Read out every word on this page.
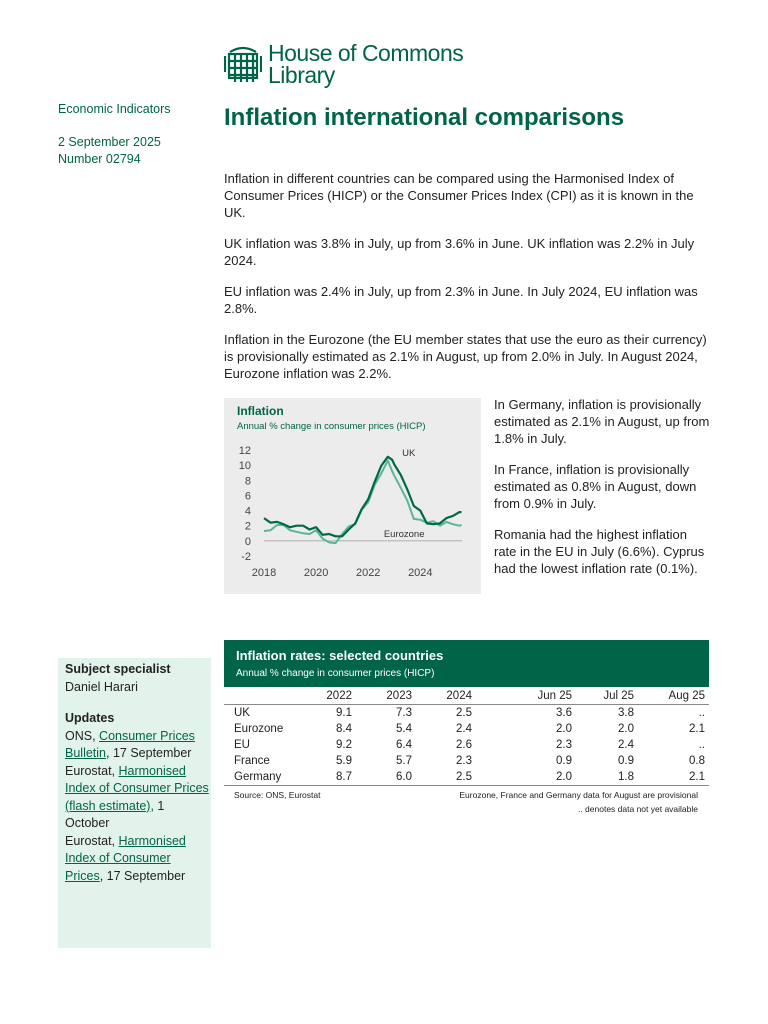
House of Commons
Library
Economic Indicators
2 September 2025
Number 02794
Inflation international comparisons

Inflation in different countries can be compared using the Harmonised Index of Consumer Prices (HICP) or the Consumer Prices Index (CPI) as it is known in the UK.

UK inflation was 3.8% in July, up from 3.6% in June. UK inflation was 2.2% in July 2024.

EU inflation was 2.4% in July, up from 2.3% in June. In July 2024, EU inflation was 2.8%.

Inflation in the Eurozone (the EU member states that use the euro as their currency) is provisionally estimated as 2.1% in August, up from 2.0% in July. In August 2024, Eurozone inflation was 2.2%.

12
10
8
6
4
2
0
-2
2018	2020	2022	2024
UK
Eurozone
Inflation
Annual % change in consumer prices (HICP)

In Germany, inflation is provisionally estimated as 2.1% in August, up from 1.8% in July.

In France, inflation is provisionally estimated as 0.8% in August, down from 0.9% in July.

Romania had the highest inflation rate in the EU in July (6.6%). Cyprus had the lowest inflation rate (0.1%).

Subject specialist
Daniel Harari
Updates
ONS, Consumer Prices Bulletin, 17 September
Eurostat, Harmonised Index of Consumer Prices (flash estimate), 1 October
Eurostat, Harmonised Index of Consumer Prices, 17 September
Inflation rates: selected countries
Annual % change in consumer prices (HICP)
	2022	2023	2024	Jun 25	Jul 25	Aug 25
UK	9.1	7.3	2.5	3.6	3.8	..
Eurozone	8.4	5.4	2.4	2.0	2.0	2.1
EU	9.2	6.4	2.6	2.3	2.4	..
France	5.9	5.7	2.3	0.9	0.9	0.8
Germany	8.7	6.0	2.5	2.0	1.8	2.1
Source: ONS, Eurostat	Eurozone, France and Germany data for August are provisional
.. denotes data not yet available
